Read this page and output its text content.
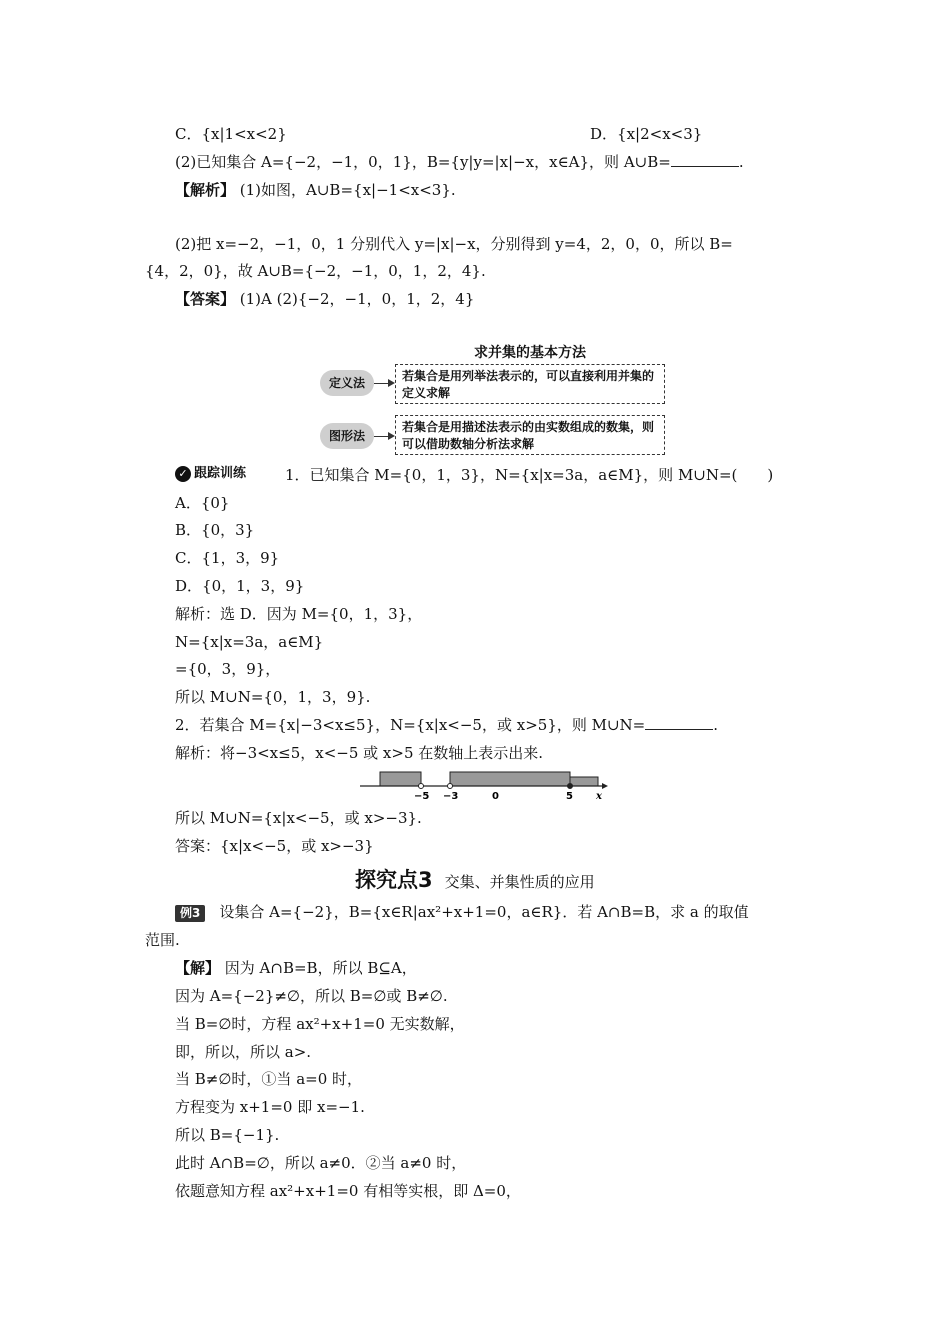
C．{x|1<x<2}	D．{x|2<x<3}
(2)已知集合 A={−2，−1，0，1}，B={y|y=|x|−x，x∈A}，则 A∪B=	.
【解析】 (1)如图，A∪B={x|−1<x<3}.
(2)把 x=−2，−1，0，1 分别代入 y=|x|−x，分别得到 y=4，2，0，0，所以 B=
{4，2，0}，故 A∪B={−2，−1，0，1，2，4}.
【答案】 (1)A (2){−2，−1，0，1，2，4}
求并集的基本方法
定义法	若集合是用列举法表示的，可以直接利用并集的定义求解
图形法
若集合是用描述法表示的由实数组成的数集，则可以借助数轴分析法求解
✓ 跟踪训练	1．已知集合 M={0，1，3}，N={x|x=3a，a∈M}，则 M∪N=( )
A．{0}
B．{0，3}
C．{1，3，9}
D．{0，1，3，9}
解析：选 D．因为 M={0，1，3}，
N={x|x=3a，a∈M}
={0，3，9}，
所以 M∪N={0，1，3，9}.
2．若集合 M={x|−3<x≤5}，N={x|x<−5，或 x>5}，则 M∪N=	.
解析：将−3<x≤5，x<−5 或 x>5 在数轴上表示出来.
−5 −3	0	5 x
所以 M∪N={x|x<−5，或 x>−3}.
答案：{x|x<−5，或 x>−3}
探究点3 交集、并集性质的应用
例3 设集合 A={−2}，B={x∈R|ax²+x+1=0，a∈R}．若 A∩B=B，求 a 的取值
范围.
【解】 因为 A∩B=B，所以 B⊆A，
因为 A={−2}≠∅，所以 B=∅或 B≠∅.
当 B=∅时，方程 ax²+x+1=0 无实数解，
即，所以，所以 a>.
当 B≠∅时，①当 a=0 时，
方程变为 x+1=0 即 x=−1.
所以 B={−1}.
此时 A∩B=∅，所以 a≠0．②当 a≠0 时，
依题意知方程 ax²+x+1=0 有相等实根，即 Δ=0，
